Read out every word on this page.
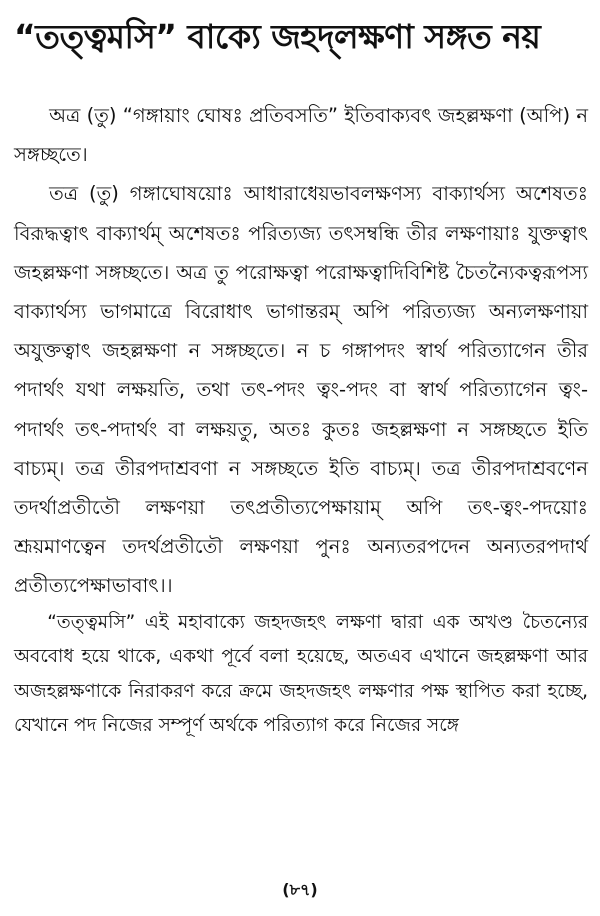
“তত্ত্বমসি” বাক্যে জহদ্‌লক্ষণা সঙ্গত নয়

অত্র (তু) “গঙ্গায়াং ঘোষঃ প্রতিবসতি” ইতিবাক্যবৎ জহল্লক্ষণা (অপি) ন সঙ্গচ্ছতে।

তত্র (তু) গঙ্গাঘোষয়োঃ আধারাধেয়ভাবলক্ষণস্য বাক্যার্থস্য অশেষতঃ বিরূদ্ধত্বাৎ বাক্যার্থম্‌ অশেষতঃ পরিত্যজ্য তৎসম্বন্ধি তীর লক্ষণায়াঃ যুক্তত্বাৎ জহল্লক্ষণা সঙ্গচ্ছতে। অত্র তু পরোক্ষত্বা পরোক্ষত্বাদিবিশিষ্ট চৈতন্যৈকত্বরূপস্য বাক্যার্থস্য ভাগমাত্রে বিরোধাৎ ভাগান্তরম্‌ অপি পরিত্যজ্য অন্যলক্ষণায়া অযুক্তত্বাৎ জহল্লক্ষণা ন সঙ্গচ্ছতে। ন চ গঙ্গাপদং স্বার্থ পরিত্যাগেন তীর পদার্থং যথা লক্ষয়তি, তথা তৎ-পদং ত্বং-পদং বা স্বার্থ পরিত্যাগেন ত্বং-পদার্থং তৎ-পদার্থং বা লক্ষয়তু, অতঃ কুতঃ জহল্লক্ষণা ন সঙ্গচ্ছতে ইতি বাচ্যম্‌। তত্র তীরপদাশ্রবণা ন সঙ্গচ্ছতে ইতি বাচ্যম্‌। তত্র তীরপদাশ্রবণেন তদর্থাপ্রতীতৌ লক্ষণয়া তৎপ্রতীত্যপেক্ষায়াম্‌ অপি তৎ-ত্বং-পদয়োঃ শ্রূয়মাণত্বেন তদর্থপ্রতীতৌ লক্ষণয়া পুনঃ অন্যতরপদেন অন্যতরপদার্থ প্রতীত্যপেক্ষাভাবাৎ।।

“তত্ত্বমসি” এই মহাবাক্যে জহদজহৎ লক্ষণা দ্বারা এক অখণ্ড চৈতন্যের অববোধ হয়ে থাকে, একথা পূর্বে বলা হয়েছে, অতএব এখানে জহল্লক্ষণা আর অজহল্লক্ষণাকে নিরাকরণ করে ক্রমে জহদজহৎ লক্ষণার পক্ষ স্থাপিত করা হচ্ছে, যেখানে পদ নিজের সম্পূর্ণ অর্থকে পরিত্যাগ করে নিজের সঙ্গে

(৮৭)
